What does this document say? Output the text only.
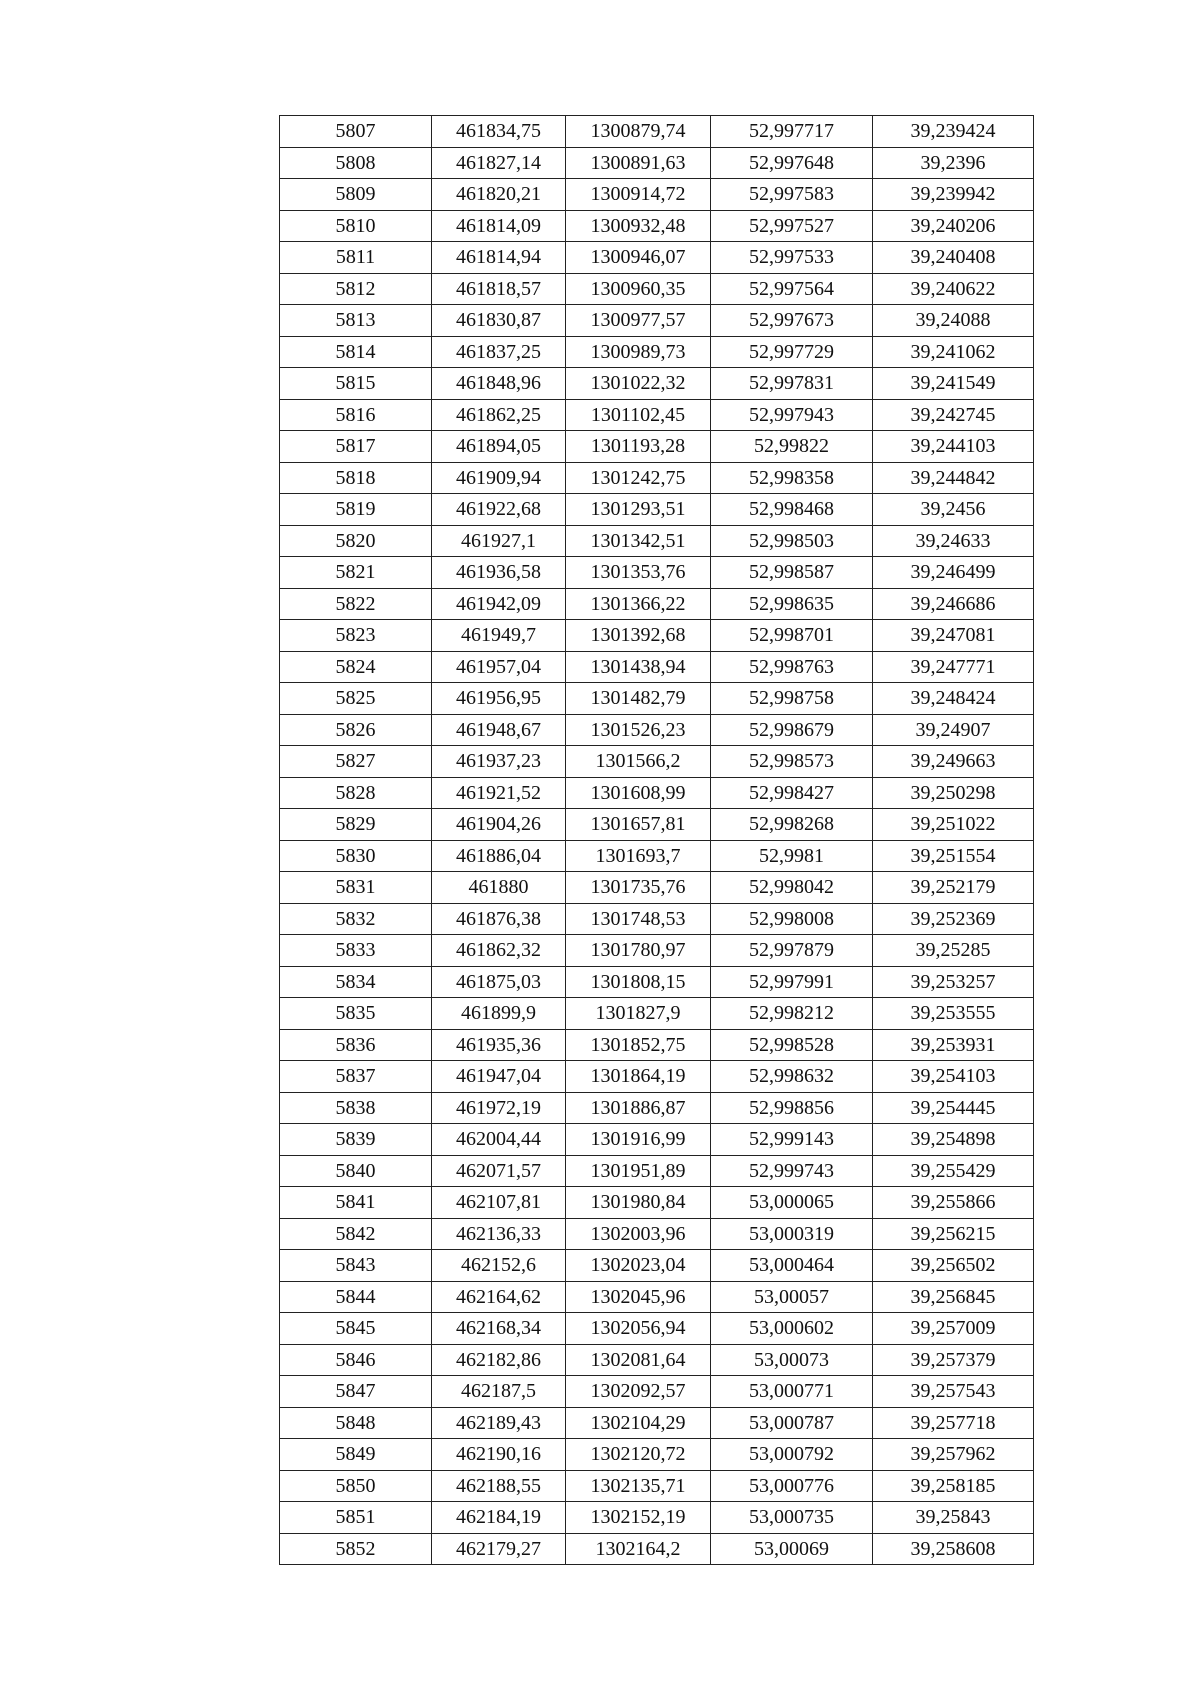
5807	461834,75	1300879,74	52,997717	39,239424
5808	461827,14	1300891,63	52,997648	39,2396
5809	461820,21	1300914,72	52,997583	39,239942
5810	461814,09	1300932,48	52,997527	39,240206
5811	461814,94	1300946,07	52,997533	39,240408
5812	461818,57	1300960,35	52,997564	39,240622
5813	461830,87	1300977,57	52,997673	39,24088
5814	461837,25	1300989,73	52,997729	39,241062
5815	461848,96	1301022,32	52,997831	39,241549
5816	461862,25	1301102,45	52,997943	39,242745
5817	461894,05	1301193,28	52,99822	39,244103
5818	461909,94	1301242,75	52,998358	39,244842
5819	461922,68	1301293,51	52,998468	39,2456
5820	461927,1	1301342,51	52,998503	39,24633
5821	461936,58	1301353,76	52,998587	39,246499
5822	461942,09	1301366,22	52,998635	39,246686
5823	461949,7	1301392,68	52,998701	39,247081
5824	461957,04	1301438,94	52,998763	39,247771
5825	461956,95	1301482,79	52,998758	39,248424
5826	461948,67	1301526,23	52,998679	39,24907
5827	461937,23	1301566,2	52,998573	39,249663
5828	461921,52	1301608,99	52,998427	39,250298
5829	461904,26	1301657,81	52,998268	39,251022
5830	461886,04	1301693,7	52,9981	39,251554
5831	461880	1301735,76	52,998042	39,252179
5832	461876,38	1301748,53	52,998008	39,252369
5833	461862,32	1301780,97	52,997879	39,25285
5834	461875,03	1301808,15	52,997991	39,253257
5835	461899,9	1301827,9	52,998212	39,253555
5836	461935,36	1301852,75	52,998528	39,253931
5837	461947,04	1301864,19	52,998632	39,254103
5838	461972,19	1301886,87	52,998856	39,254445
5839	462004,44	1301916,99	52,999143	39,254898
5840	462071,57	1301951,89	52,999743	39,255429
5841	462107,81	1301980,84	53,000065	39,255866
5842	462136,33	1302003,96	53,000319	39,256215
5843	462152,6	1302023,04	53,000464	39,256502
5844	462164,62	1302045,96	53,00057	39,256845
5845	462168,34	1302056,94	53,000602	39,257009
5846	462182,86	1302081,64	53,00073	39,257379
5847	462187,5	1302092,57	53,000771	39,257543
5848	462189,43	1302104,29	53,000787	39,257718
5849	462190,16	1302120,72	53,000792	39,257962
5850	462188,55	1302135,71	53,000776	39,258185
5851	462184,19	1302152,19	53,000735	39,25843
5852	462179,27	1302164,2	53,00069	39,258608
